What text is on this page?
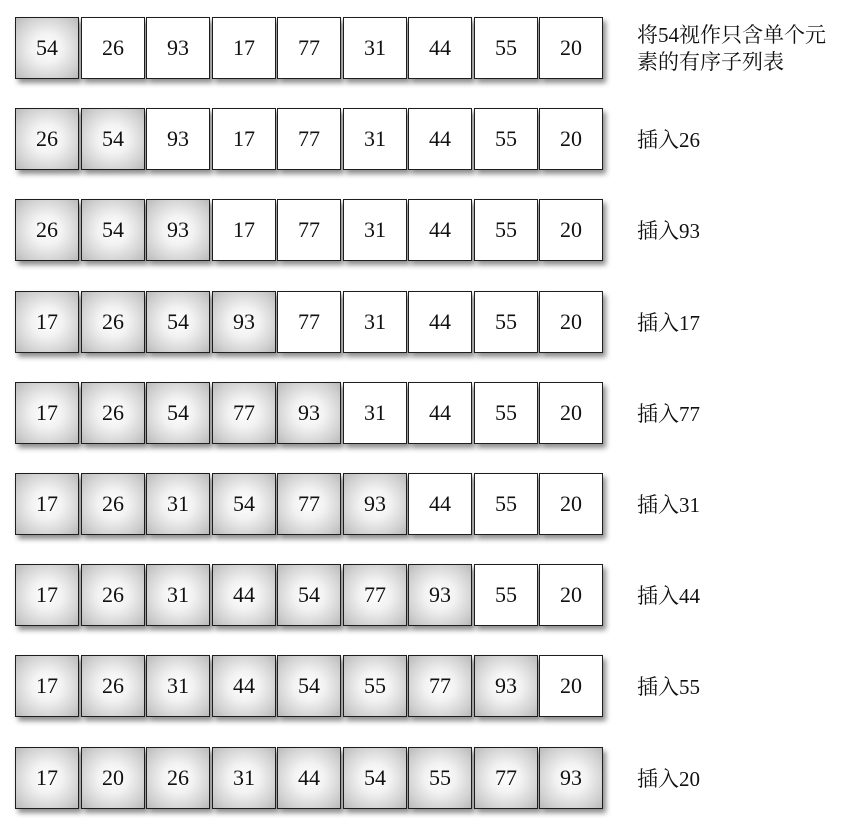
54	26	93	17	77	31	44	55	20	将54视作只含单个元
素的有序子列表
26	54	93	17	77	31	44	55	20	插入26
26	54	93	17	77	31	44	55	20	插入93
17	26	54	93	77	31	44	55	20	插入17
17	26	54	77	93	31	44	55	20	插入77
17	26	31	54	77	93	44	55	20	插入31
17	26	31	44	54	77	93	55	20	插入44
17	26	31	44	54	55	77	93	20	插入55
17	20	26	31	44	54	55	77	93	插入20
